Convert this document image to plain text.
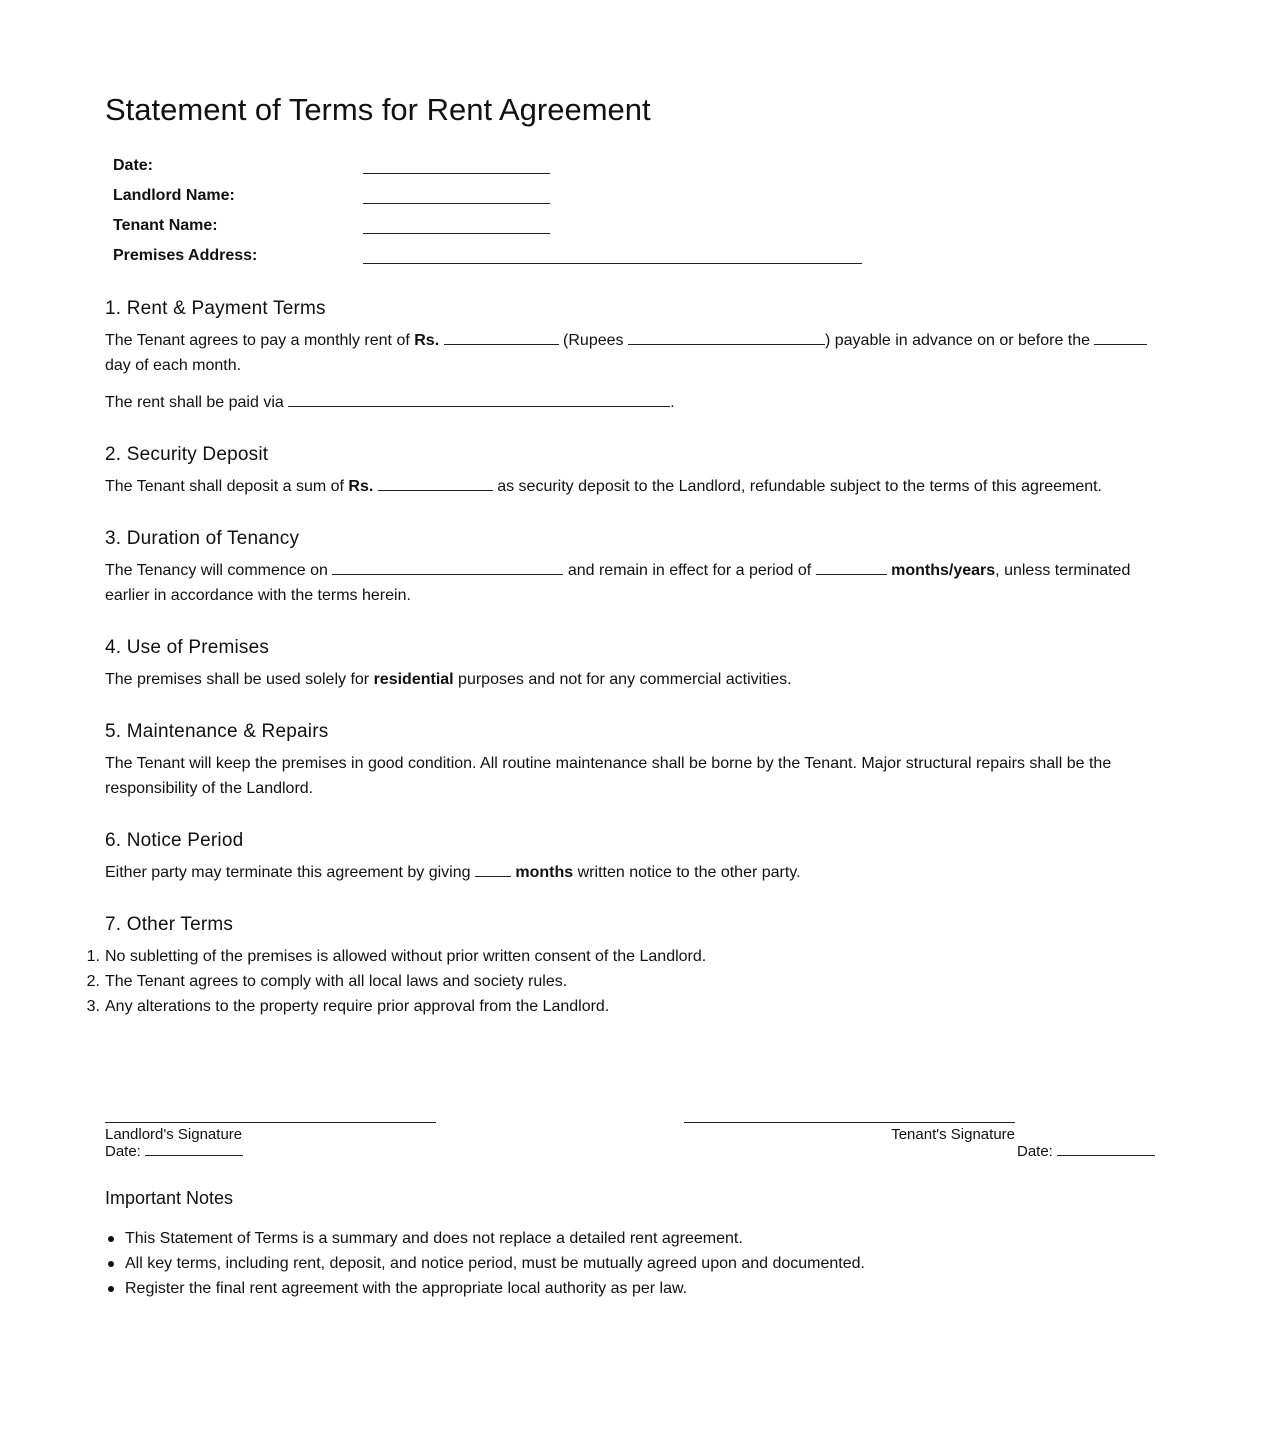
Statement of Terms for Rent Agreement
Date:
Landlord Name:
Tenant Name:
Premises Address:
1. Rent & Payment Terms

The Tenant agrees to pay a monthly rent of Rs.	(Rupees	) payable in advance on or before the  day of each month.

The rent shall be paid via	.

2. Security Deposit

The Tenant shall deposit a sum of Rs.	as security deposit to the Landlord, refundable subject to the terms of this agreement.

3. Duration of Tenancy

The Tenancy will commence on	and remain in effect for a period of	months/years, unless terminated earlier in accordance with the terms herein.

4. Use of Premises

The premises shall be used solely for residential purposes and not for any commercial activities.

5. Maintenance & Repairs

The Tenant will keep the premises in good condition. All routine maintenance shall be borne by the Tenant. Major structural repairs shall be the responsibility of the Landlord.

6. Notice Period

Either party may terminate this agreement by giving	months written notice to the other party.

7. Other Terms
1. No subletting of the premises is allowed without prior written consent of the Landlord.
2. The Tenant agrees to comply with all local laws and society rules.
3. Any alterations to the property require prior approval from the Landlord.
Landlord's Signature
Date:
Tenant's Signature
Date:
Important Notes
This Statement of Terms is a summary and does not replace a detailed rent agreement.
All key terms, including rent, deposit, and notice period, must be mutually agreed upon and documented.
Register the final rent agreement with the appropriate local authority as per law.
